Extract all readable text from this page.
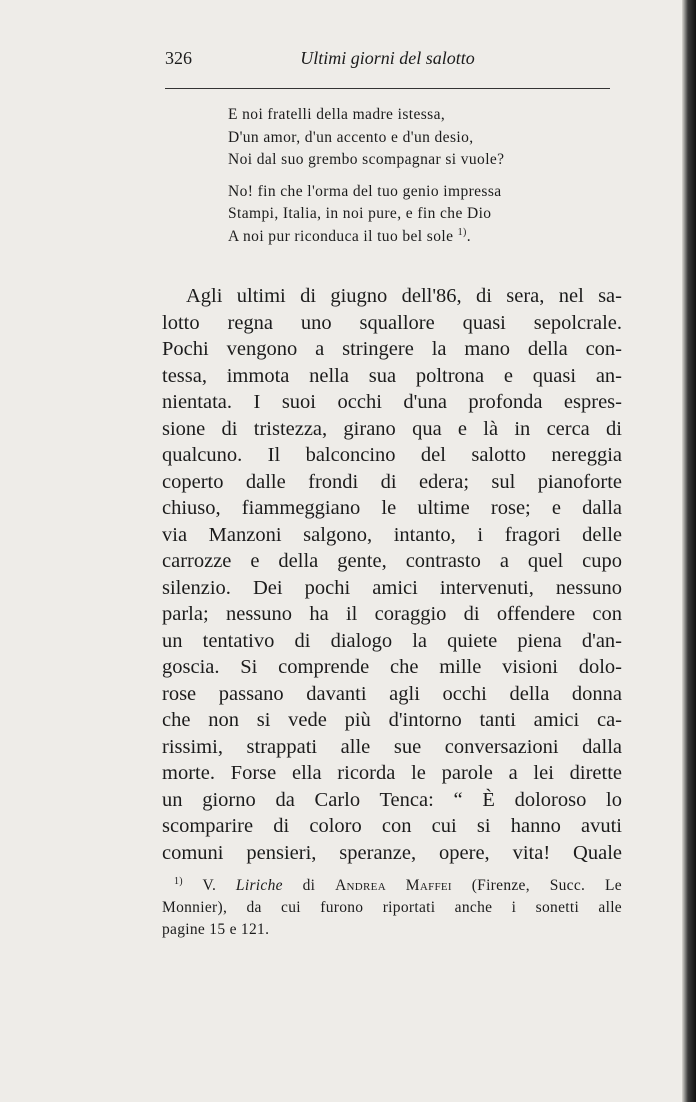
326	Ultimi giorni del salotto
E noi fratelli della madre istessa,
D'un amor, d'un accento e d'un desio,
Noi dal suo grembo scompagnar si vuole?
No! fin che l'orma del tuo genio impressa
Stampi, Italia, in noi pure, e fin che Dio
A noi pur riconduca il tuo bel sole $^{1)}$.
Agli ultimi di giugno dell'86, di sera, nel sa-
lotto regna uno squallore quasi sepolcrale.
Pochi vengono a stringere la mano della con-
tessa, immota nella sua poltrona e quasi an-
nientata. I suoi occhi d'una profonda espres-
sione di tristezza, girano qua e là in cerca di
qualcuno. Il balconcino del salotto nereggia
coperto dalle frondi di edera; sul pianoforte
chiuso, fiammeggiano le ultime rose; e dalla
via Manzoni salgono, intanto, i fragori delle
carrozze e della gente, contrasto a quel cupo
silenzio. Dei pochi amici intervenuti, nessuno
parla; nessuno ha il coraggio di offendere con
un tentativo di dialogo la quiete piena d'an-
goscia. Si comprende che mille visioni dolo-
rose passano davanti agli occhi della donna
che non si vede più d'intorno tanti amici ca-
rissimi, strappati alle sue conversazioni dalla
morte. Forse ella ricorda le parole a lei dirette
un giorno da Carlo Tenca: “ È doloroso lo
scomparire di coloro con cui si hanno avuti
comuni pensieri, speranze, opere, vita! Quale
$^{1)}$ V. Liriche di Andrea Maffei (Firenze, Succ. Le
Monnier), da cui furono riportati anche i sonetti alle
pagine 15 e 121.
